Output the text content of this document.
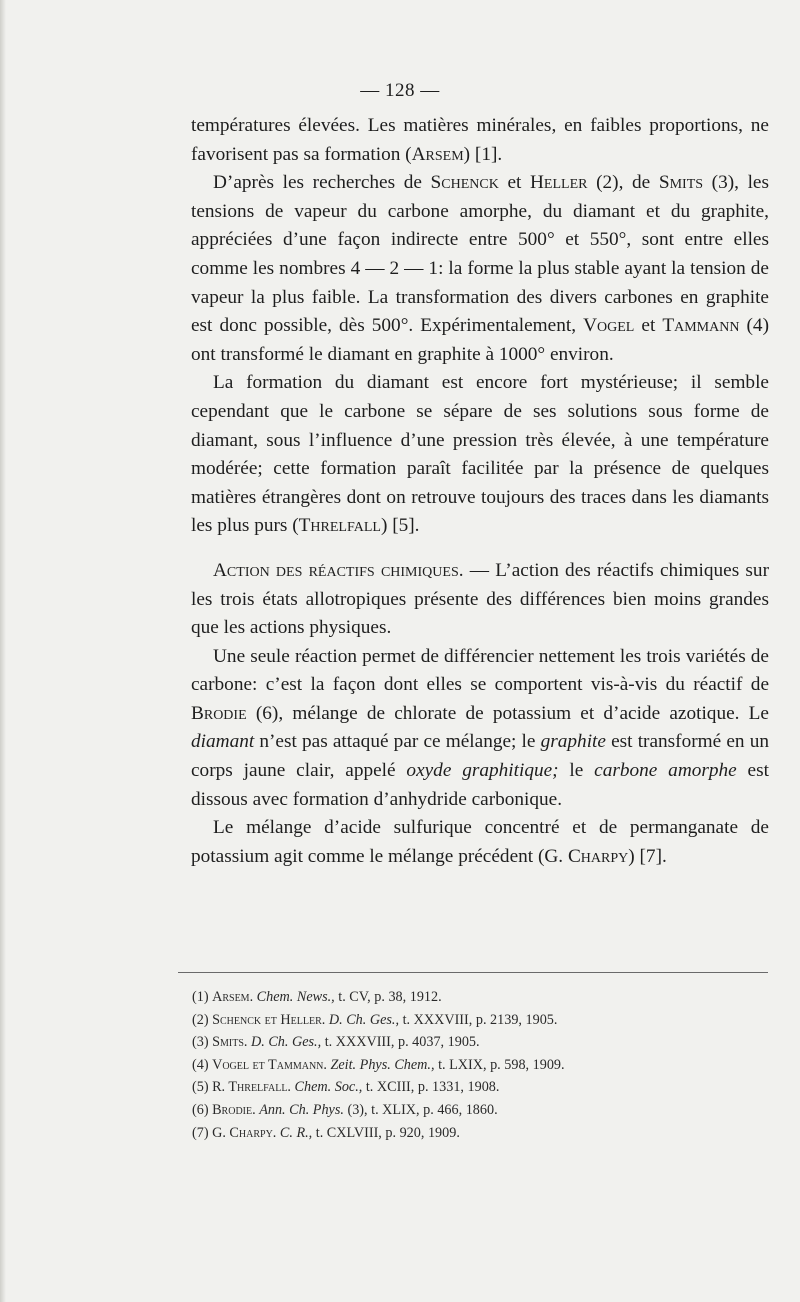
— 128 —

températures élevées. Les matières minérales, en faibles proportions, ne favorisent pas sa formation (Arsem) [1].

D’après les recherches de Schenck et Heller (2), de Smits (3), les tensions de vapeur du carbone amorphe, du diamant et du graphite, appréciées d’une façon indirecte entre 500° et 550°, sont entre elles comme les nombres 4 — 2 — 1: la forme la plus stable ayant la tension de vapeur la plus faible. La transformation des divers carbones en graphite est donc possible, dès 500°. Expérimentalement, Vogel et Tammann (4) ont transformé le diamant en graphite à 1000° environ.

La formation du diamant est encore fort mystérieuse; il semble cependant que le carbone se sépare de ses solutions sous forme de diamant, sous l’influence d’une pression très élevée, à une température modérée; cette formation paraît facilitée par la présence de quelques matières étrangères dont on retrouve toujours des traces dans les diamants les plus purs (Threlfall) [5].

Action des réactifs chimiques. — L’action des réactifs chimiques sur les trois états allotropiques présente des différences bien moins grandes que les actions physiques.

Une seule réaction permet de différencier nettement les trois variétés de carbone: c’est la façon dont elles se comportent vis-à-vis du réactif de Brodie (6), mélange de chlorate de potassium et d’acide azotique. Le diamant n’est pas attaqué par ce mélange; le graphite est transformé en un corps jaune clair, appelé oxyde graphitique; le carbone amorphe est dissous avec formation d’anhydride carbonique.

Le mélange d’acide sulfurique concentré et de permanganate de potassium agit comme le mélange précédent (G. Charpy) [7].

(1) Arsem. Chem. News., t. CV, p. 38, 1912.
(2) Schenck et Heller. D. Ch. Ges., t. XXXVIII, p. 2139, 1905.
(3) Smits. D. Ch. Ges., t. XXXVIII, p. 4037, 1905.
(4) Vogel et Tammann. Zeit. Phys. Chem., t. LXIX, p. 598, 1909.
(5) R. Threlfall. Chem. Soc., t. XCIII, p. 1331, 1908.
(6) Brodie. Ann. Ch. Phys. (3), t. XLIX, p. 466, 1860.
(7) G. Charpy. C. R., t. CXLVIII, p. 920, 1909.
